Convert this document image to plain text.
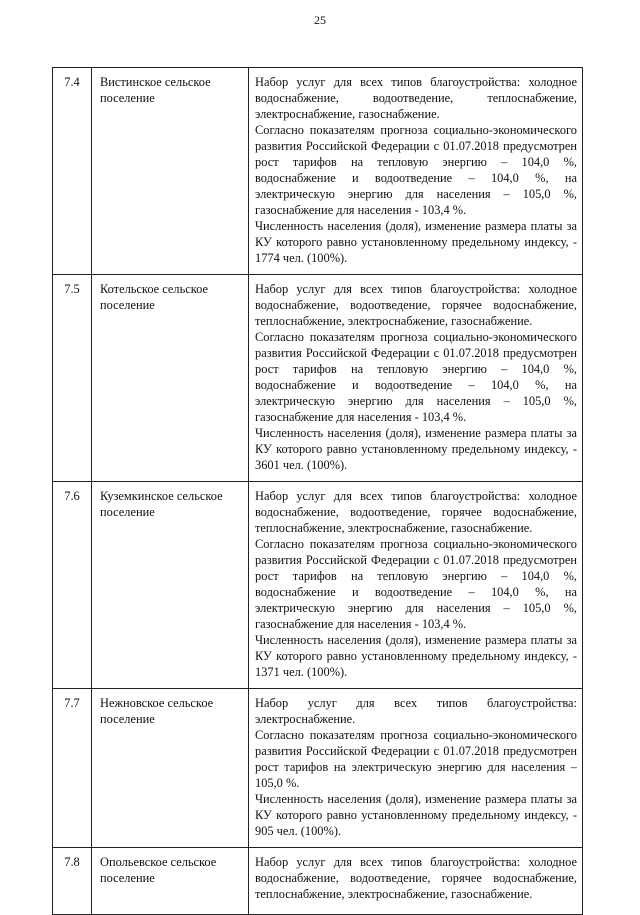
25
7.4	Вистинское сельское поселение	Набор услуг для всех типов благоустройства: холодное водоснабжение, водоотведение, теплоснабжение, электроснабжение, газоснабжение.

Согласно показателям прогноза социально-экономического развития Российской Федерации с 01.07.2018 предусмотрен рост тарифов на тепловую энергию – 104,0 %, водоснабжение и водоотведение – 104,0 %, на электрическую энергию для населения – 105,0 %, газоснабжение для населения - 103,4 %.

Численность населения (доля), изменение размера платы за КУ которого равно установленному предельному индексу, - 1774 чел. (100%).

7.5	Котельское сельское поселение	Набор услуг для всех типов благоустройства: холодное водоснабжение, водоотведение, горячее водоснабжение, теплоснабжение, электроснабжение, газоснабжение.

Согласно показателям прогноза социально-экономического развития Российской Федерации с 01.07.2018 предусмотрен рост тарифов на тепловую энергию – 104,0 %, водоснабжение и водоотведение – 104,0 %, на электрическую энергию для населения – 105,0 %, газоснабжение для населения - 103,4 %.

Численность населения (доля), изменение размера платы за КУ которого равно установленному предельному индексу, - 3601 чел. (100%).

7.6	Куземкинское сельское поселение	Набор услуг для всех типов благоустройства: холодное водоснабжение, водоотведение, горячее водоснабжение, теплоснабжение, электроснабжение, газоснабжение.

Согласно показателям прогноза социально-экономического развития Российской Федерации с 01.07.2018 предусмотрен рост тарифов на тепловую энергию – 104,0 %, водоснабжение и водоотведение – 104,0 %, на электрическую энергию для населения – 105,0 %, газоснабжение для населения - 103,4 %.

Численность населения (доля), изменение размера платы за КУ которого равно установленному предельному индексу, - 1371 чел. (100%).

7.7	Нежновское сельское поселение	Набор услуг для всех типов благоустройства: электроснабжение.

Согласно показателям прогноза социально-экономического развития Российской Федерации с 01.07.2018 предусмотрен рост тарифов на электрическую энергию для населения – 105,0 %.

Численность населения (доля), изменение размера платы за КУ которого равно установленному предельному индексу, - 905 чел. (100%).

7.8	Опольевское сельское поселение	Набор услуг для всех типов благоустройства: холодное водоснабжение, водоотведение, горячее водоснабжение, теплоснабжение, электроснабжение, газоснабжение.
